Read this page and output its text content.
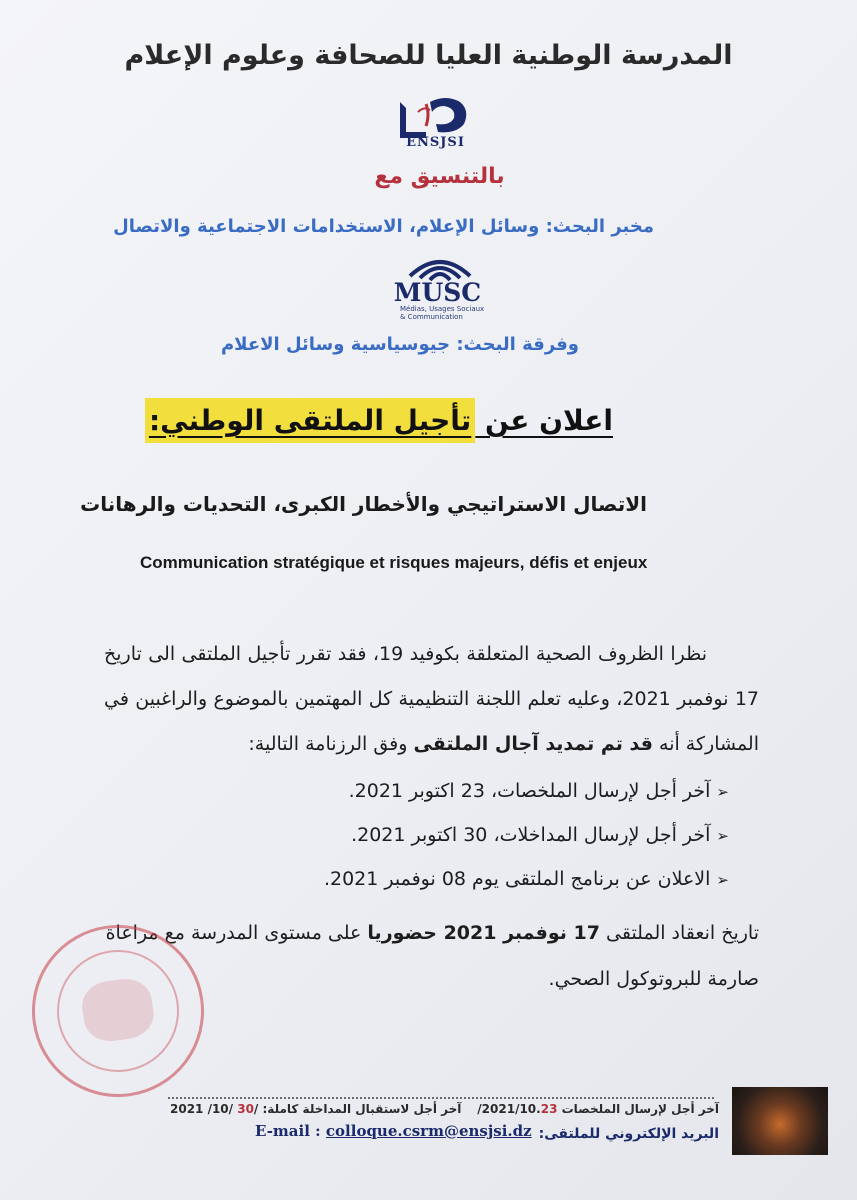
المدرسة الوطنية العليا للصحافة وعلوم الإعلام
ENSJSI
بالتنسيق مع
مخبر البحث: وسائل الإعلام، الاستخدامات الاجتماعية والاتصال
MUSC
Médias, Usages Sociaux
& Communication
وفرقة البحث: جيوسياسية وسائل الاعلام
اعلان عن تأجيل الملتقى الوطني:
الاتصال الاستراتيجي والأخطار الكبرى، التحديات والرهانات
Communication stratégique et risques majeurs, défis et enjeux
نظرا الظروف الصحية المتعلقة بكوفيد 19، فقد تقرر تأجيل الملتقى الى تاريخ 17 نوفمبر 2021، وعليه تعلم اللجنة التنظيمية كل المهتمين بالموضوع والراغبين في المشاركة أنه قد تم تمديد آجال الملتقى وفق الرزنامة التالية:
➢آخر أجل لإرسال الملخصات، 23 اكتوبر 2021.
➢آخر أجل لإرسال المداخلات، 30 اكتوبر 2021.
➢الاعلان عن برنامج الملتقى يوم 08 نوفمبر 2021.
تاريخ انعقاد الملتقى 17 نوفمبر 2021 حضوريا على مستوى المدرسة مع مراعاة صارمة للبروتوكول الصحي.
آخر أجل لإرسال الملخصات /2021/10.23
آخر أجل لاستقبال المداخلة كاملة: 2021 /10/ 30/
البريد الإلكتروني للملتقى:
E-mail : colloque.csrm@ensjsi.dz
